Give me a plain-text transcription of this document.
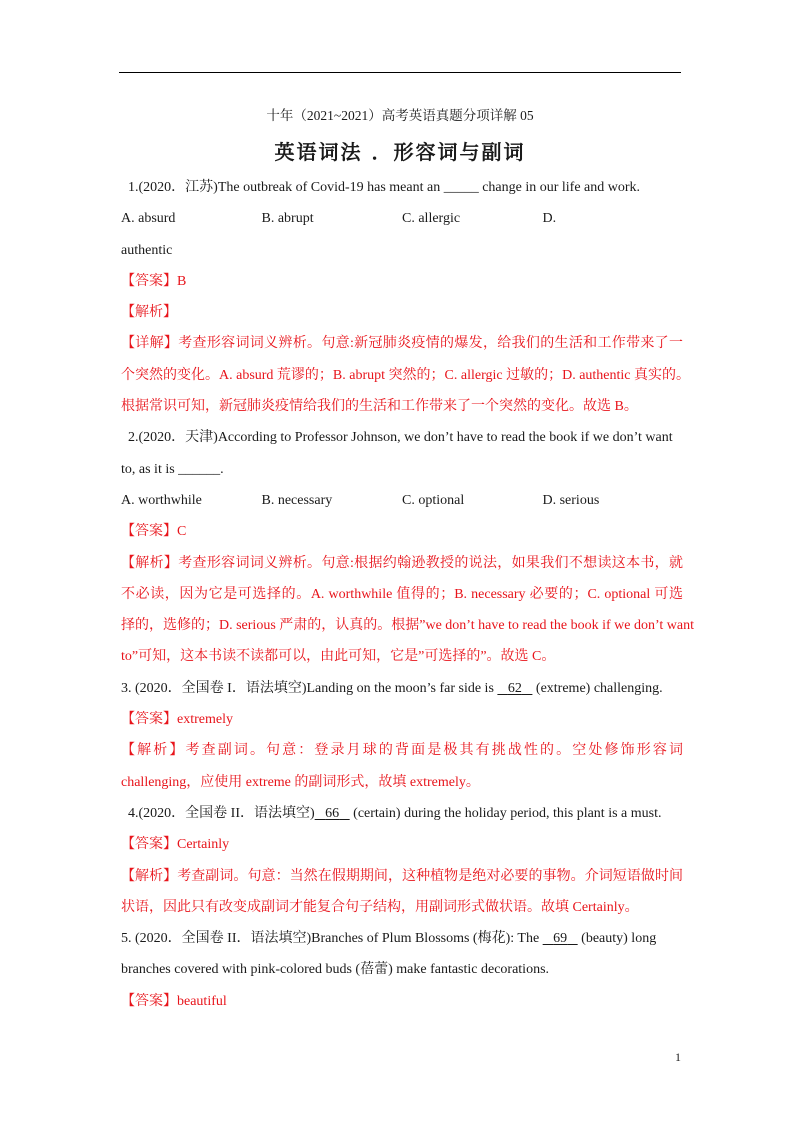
十年（2021~2021）高考英语真题分项详解 05
英语词法 ．形容词与副词
1.(2020．江苏)The outbreak of Covid-19 has meant an _____ change in our life and work.
A. absurd	B. abrupt	C. allergic	D.
authentic
【答案】B
【解析】
【详解】考查形容词词义辨析。句意:新冠肺炎疫情的爆发，给我们的生活和工作带来了一
个突然的变化。A. absurd 荒谬的；B. abrupt 突然的；C. allergic 过敏的；D. authentic 真实的。
根据常识可知，新冠肺炎疫情给我们的生活和工作带来了一个突然的变化。故选 B。
2.(2020．天津)According to Professor Johnson, we don’t have to read the book if we don’t want
to, as it is ______.
A. worthwhile	B. necessary	C. optional	D. serious
【答案】C
【解析】考查形容词词义辨析。句意:根据约翰逊教授的说法，如果我们不想读这本书，就
不必读，因为它是可选择的。A. worthwhile 值得的；B. necessary 必要的；C. optional 可选
择的，选修的；D. serious 严肃的，认真的。根据”we don’t have to read the book if we don’t want
to”可知，这本书读不读都可以，由此可知，它是”可选择的”。故选 C。
3. (2020．全国卷 I．语法填空)Landing on the moon’s far side is    62    (extreme) challenging.
【答案】extremely
【解析】考查副词。句意：登录月球的背面是极其有挑战性的。空处修饰形容词
challenging，应使用 extreme 的副词形式，故填 extremely。
4.(2020．全国卷 II．语法填空) 66    (certain) during the holiday period, this plant is a must.
【答案】Certainly
【解析】考查副词。句意：当然在假期期间，这种植物是绝对必要的事物。介词短语做时间
状语，因此只有改变成副词才能复合句子结构，用副词形式做状语。故填 Certainly。
5. (2020．全国卷 II．语法填空)Branches of Plum Blossoms (梅花): The    69    (beauty) long
branches covered with pink-colored buds (蓓蕾) make fantastic decorations.
【答案】beautiful
1
